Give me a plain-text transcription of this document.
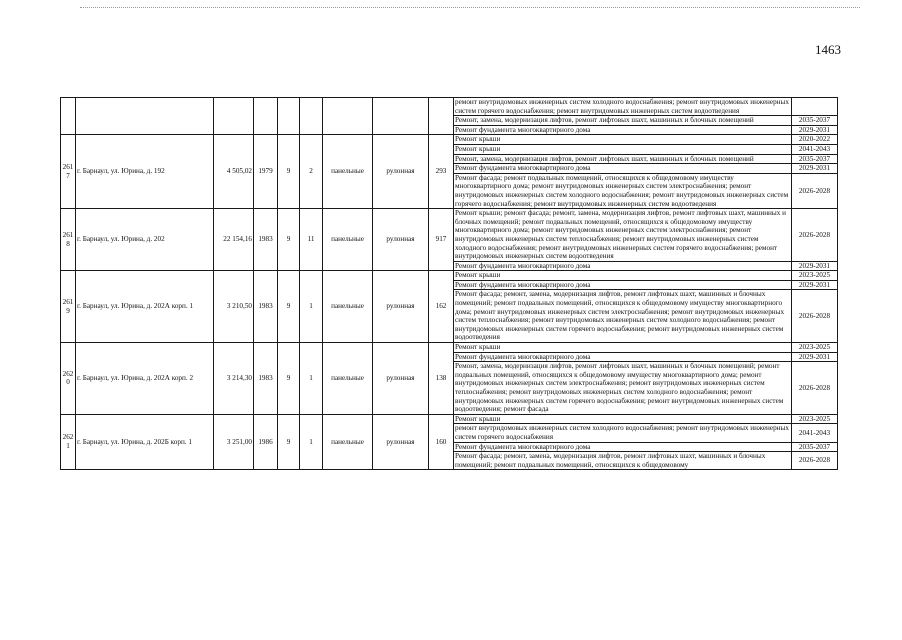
1463
									ремонт внутридомовых инженерных систем холодного водоснабжения; ремонт внутридомовых инженерных систем горячего водоснабжения; ремонт внутридомовых инженерных систем водоотведения	
									Ремонт, замена, модернизация лифтов, ремонт лифтовых шахт, машинных и блочных помещений	2035-2037
									Ремонт фундамента многоквартирного дома	2029-2031
261 7	г. Барнаул, ул. Юрина, д. 192	4 505,02	1979	9	2	панельные	рулонная	293	Ремонт крыши	2020-2022
									Ремонт крыши	2041-2043
									Ремонт, замена, модернизация лифтов, ремонт лифтовых шахт, машинных и блочных помещений	2035-2037
									Ремонт фундамента многоквартирного дома	2029-2031
									Ремонт фасада; ремонт подвальных помещений, относящихся к общедомовому имуществу многоквартирного дома; ремонт внутридомовых инженерных систем электроснабжения; ремонт внутридомовых инженерных систем холодного водоснабжения; ремонт внутридомовых инженерных систем горячего водоснабжения; ремонт внутридомовых инженерных систем водоотведения	2026-2028
261 8	г. Барнаул, ул. Юрина, д. 202	22 154,16	1983	9	11	панельные	рулонная	917	Ремонт крыши; ремонт фасада; ремонт, замена, модернизация лифтов, ремонт лифтовых шахт, машинных и блочных помещений; ремонт подвальных помещений, относящихся к общедомовому имуществу многоквартирного дома; ремонт внутридомовых инженерных систем электроснабжения; ремонт внутридомовых инженерных систем теплоснабжения; ремонт внутридомовых инженерных систем холодного водоснабжения; ремонт внутридомовых инженерных систем горячего водоснабжения; ремонт внутридомовых инженерных систем водоотведения	2026-2028
									Ремонт фундамента многоквартирного дома	2029-2031
261 9	г. Барнаул, ул. Юрина, д. 202А корп. 1	3 210,50	1983	9	1	панельные	рулонная	162	Ремонт крыши	2023-2025
									Ремонт фундамента многоквартирного дома	2029-2031
									Ремонт фасада; ремонт, замена, модернизация лифтов, ремонт лифтовых шахт, машинных и блочных помещений; ремонт подвальных помещений, относящихся к общедомовому имуществу многоквартирного дома; ремонт внутридомовых инженерных систем электроснабжения; ремонт внутридомовых инженерных систем теплоснабжения; ремонт внутридомовых инженерных систем холодного водоснабжения; ремонт внутридомовых инженерных систем горячего водоснабжения; ремонт внутридомовых инженерных систем водоотведения	2026-2028
262 0	г. Барнаул, ул. Юрина, д. 202А корп. 2	3 214,30	1983	9	1	панельные	рулонная	138	Ремонт крыши	2023-2025
									Ремонт фундамента многоквартирного дома	2029-2031
									Ремонт, замена, модернизация лифтов, ремонт лифтовых шахт, машинных и блочных помещений; ремонт подвальных помещений, относящихся к общедомовому имуществу многоквартирного дома; ремонт внутридомовых инженерных систем электроснабжения; ремонт внутридомовых инженерных систем теплоснабжения; ремонт внутридомовых инженерных систем холодного водоснабжения; ремонт внутридомовых инженерных систем горячего водоснабжения; ремонт внутридомовых инженерных систем водоотведения; ремонт фасада	2026-2028
262 1	г. Барнаул, ул. Юрина, д. 202Б корп. 1	3 251,00	1986	9	1	панельные	рулонная	160	Ремонт крыши	2023-2025
									ремонт внутридомовых инженерных систем холодного водоснабжения; ремонт внутридомовых инженерных систем горячего водоснабжения	2041-2043
									Ремонт фундамента многоквартирного дома	2035-2037
									Ремонт фасада; ремонт, замена, модернизация лифтов, ремонт лифтовых шахт, машинных и блочных помещений; ремонт подвальных помещений, относящихся к общедомовому	2026-2028
